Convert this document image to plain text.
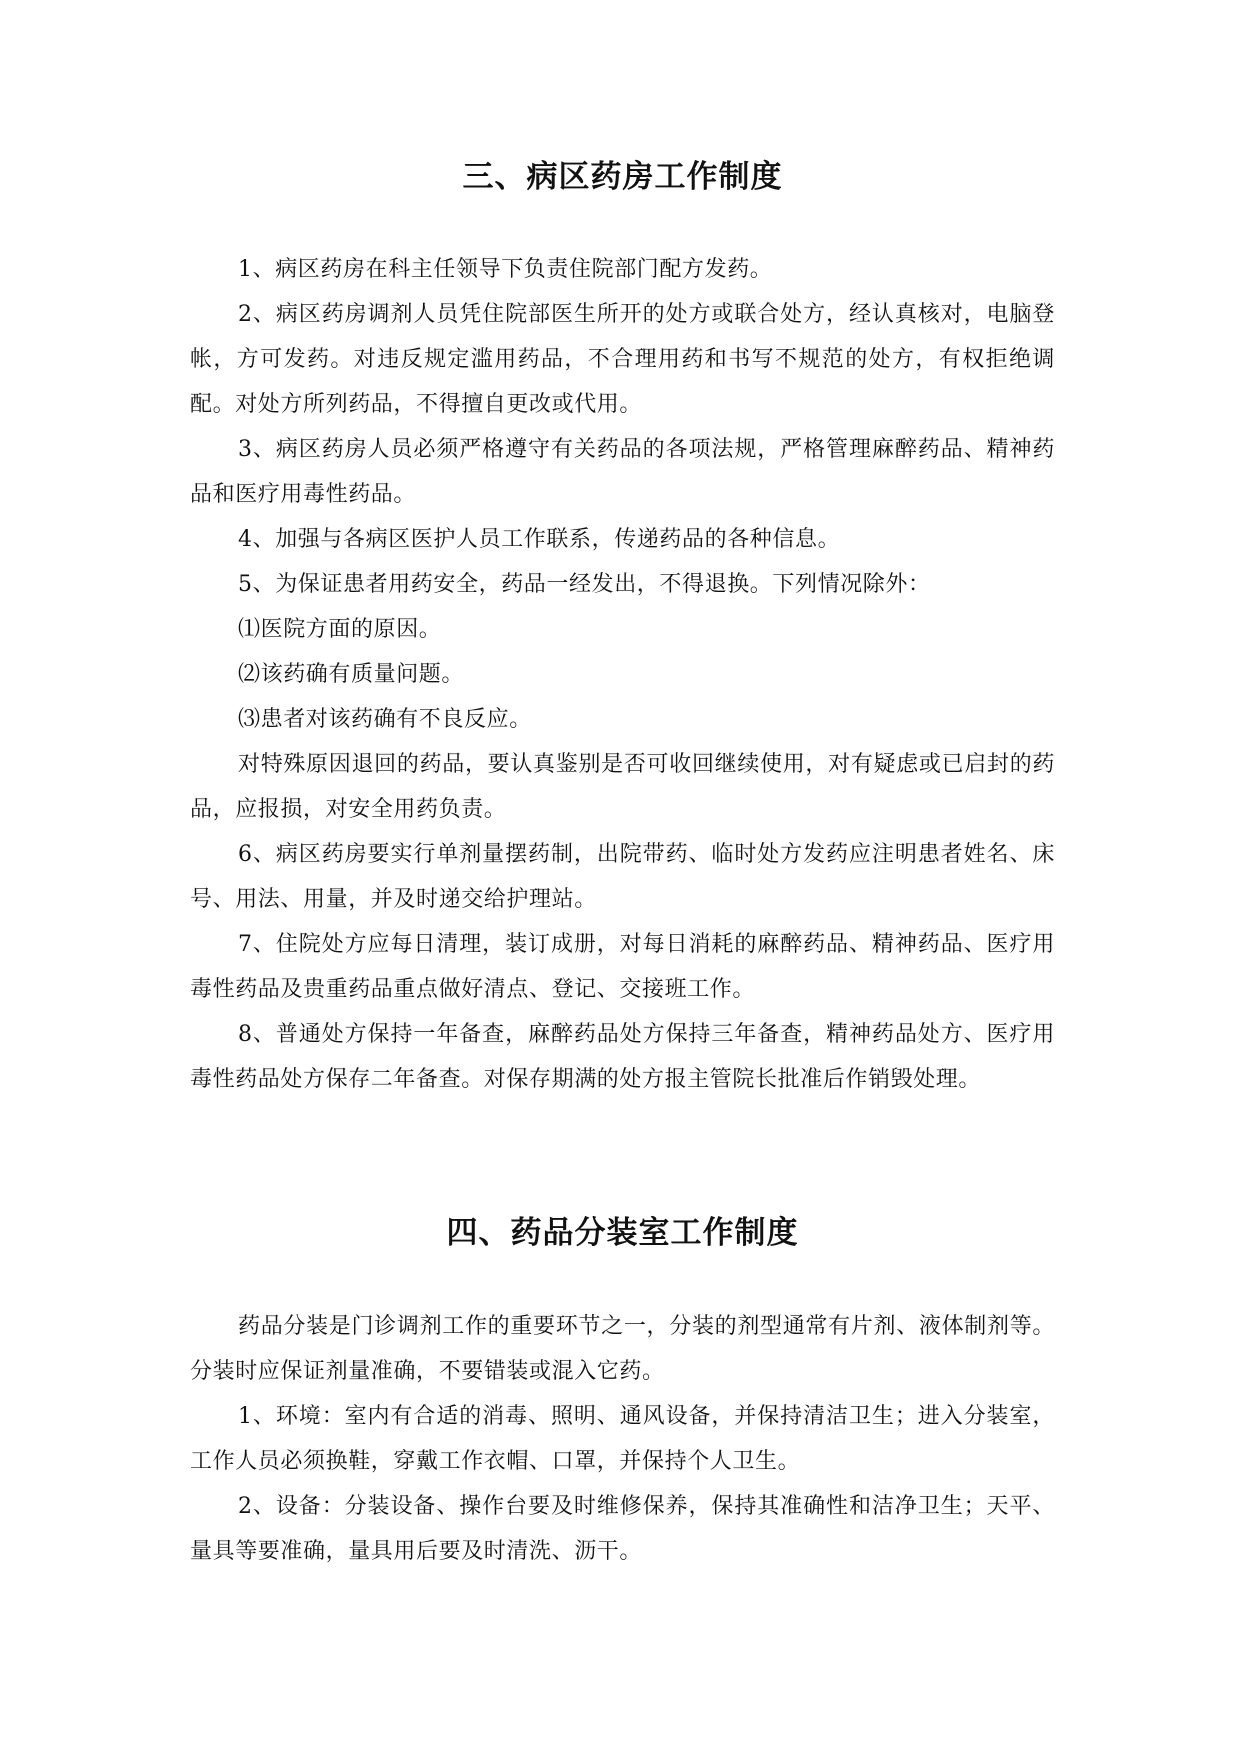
三、病区药房工作制度

1、病区药房在科主任领导下负责住院部门配方发药。

2、病区药房调剂人员凭住院部医生所开的处方或联合处方，经认真核对，电脑登帐，方可发药。对违反规定滥用药品，不合理用药和书写不规范的处方，有权拒绝调配。对处方所列药品，不得擅自更改或代用。

3、病区药房人员必须严格遵守有关药品的各项法规，严格管理麻醉药品、精神药品和医疗用毒性药品。

4、加强与各病区医护人员工作联系，传递药品的各种信息。

5、为保证患者用药安全，药品一经发出，不得退换。下列情况除外：

⑴医院方面的原因。

⑵该药确有质量问题。

⑶患者对该药确有不良反应。

对特殊原因退回的药品，要认真鉴别是否可收回继续使用，对有疑虑或已启封的药品，应报损，对安全用药负责。

6、病区药房要实行单剂量摆药制，出院带药、临时处方发药应注明患者姓名、床号、用法、用量，并及时递交给护理站。

7、住院处方应每日清理，装订成册，对每日消耗的麻醉药品、精神药品、医疗用毒性药品及贵重药品重点做好清点、登记、交接班工作。

8、普通处方保持一年备查，麻醉药品处方保持三年备查，精神药品处方、医疗用毒性药品处方保存二年备查。对保存期满的处方报主管院长批准后作销毁处理。

四、药品分装室工作制度

药品分装是门诊调剂工作的重要环节之一，分装的剂型通常有片剂、液体制剂等。分装时应保证剂量准确，不要错装或混入它药。

1、环境：室内有合适的消毒、照明、通风设备，并保持清洁卫生；进入分装室，工作人员必须换鞋，穿戴工作衣帽、口罩，并保持个人卫生。

2、设备：分装设备、操作台要及时维修保养，保持其准确性和洁净卫生；天平、量具等要准确，量具用后要及时清洗、沥干。
